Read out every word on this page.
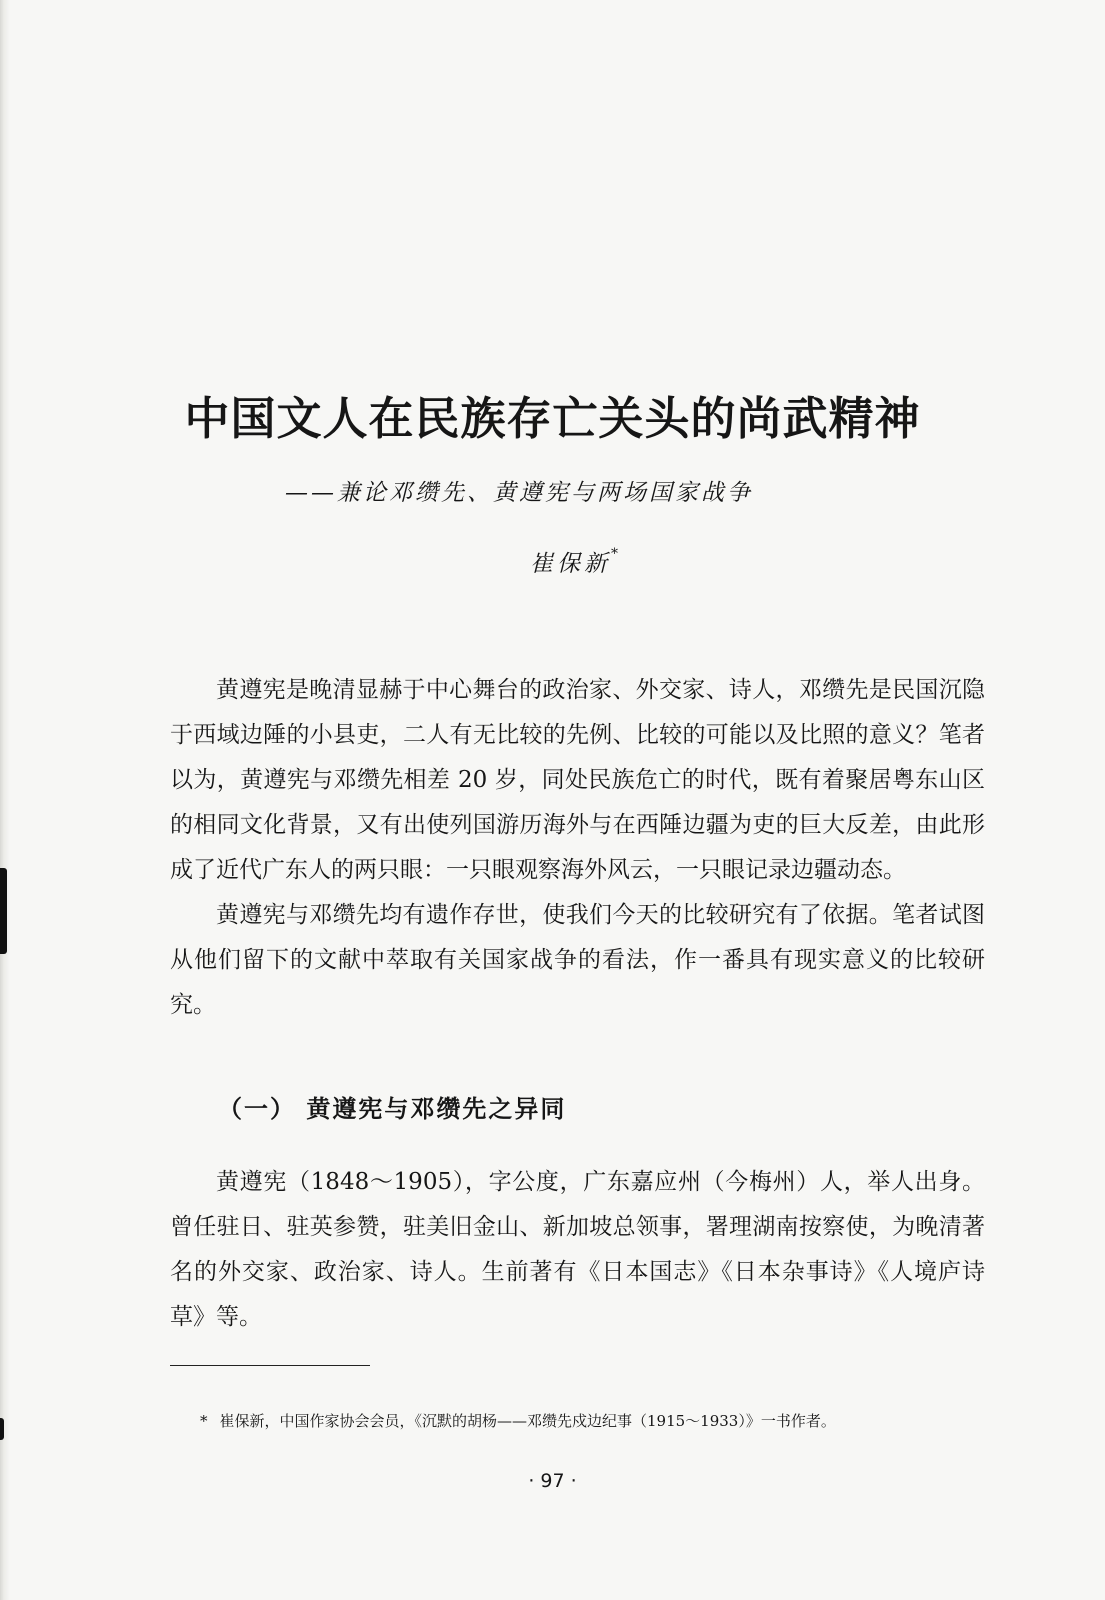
中国文人在民族存亡关头的尚武精神
——兼论邓缵先、黄遵宪与两场国家战争
崔保新*

黄遵宪是晚清显赫于中心舞台的政治家、外交家、诗人，邓缵先是民国沉隐于西域边陲的小县吏，二人有无比较的先例、比较的可能以及比照的意义？笔者以为，黄遵宪与邓缵先相差 20 岁，同处民族危亡的时代，既有着聚居粤东山区的相同文化背景，又有出使列国游历海外与在西陲边疆为吏的巨大反差，由此形成了近代广东人的两只眼：一只眼观察海外风云，一只眼记录边疆动态。

黄遵宪与邓缵先均有遗作存世，使我们今天的比较研究有了依据。笔者试图从他们留下的文献中萃取有关国家战争的看法，作一番具有现实意义的比较研究。

（一） 黄遵宪与邓缵先之异同

黄遵宪（1848～1905），字公度，广东嘉应州（今梅州）人，举人出身。曾任驻日、驻英参赞，驻美旧金山、新加坡总领事，署理湖南按察使，为晚清著名的外交家、政治家、诗人。生前著有《日本国志》《日本杂事诗》《人境庐诗草》等。

* 崔保新，中国作家协会会员，《沉默的胡杨——邓缵先戍边纪事（1915～1933）》一书作者。
· 97 ·
